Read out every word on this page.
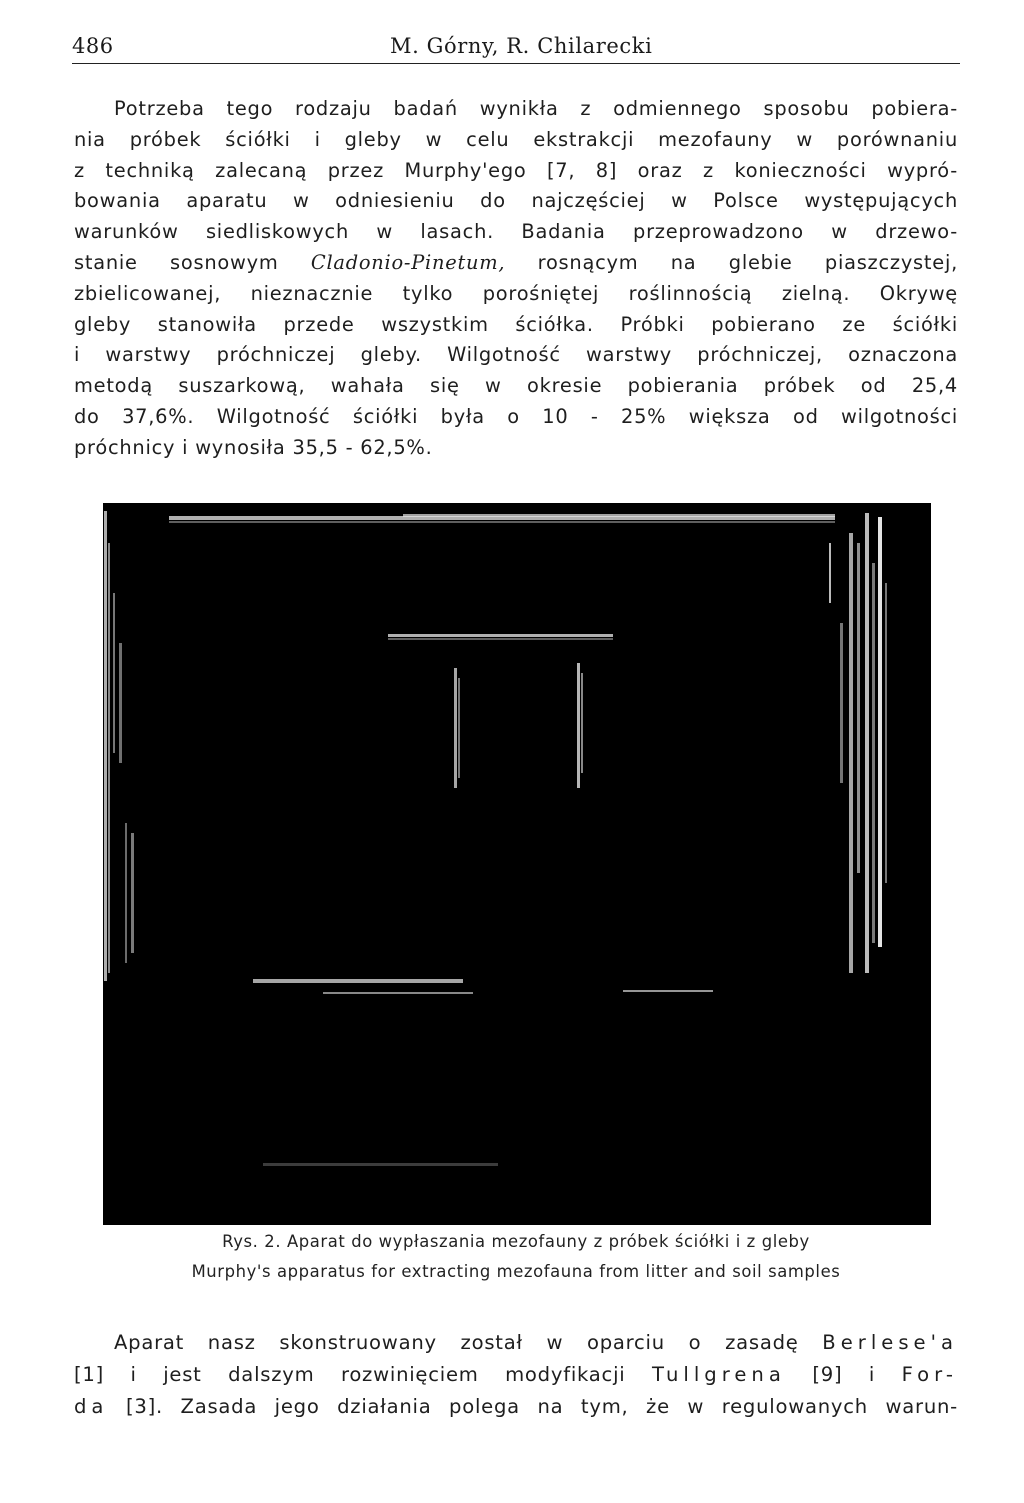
486	M. Górny, R. Chilarecki
Potrzeba tego rodzaju badań wynikła z odmiennego sposobu pobiera-
nia próbek ściółki i gleby w celu ekstrakcji mezofauny w porównaniu
z techniką zalecaną przez Murphy'ego [7, 8] oraz z konieczności wypró-
bowania aparatu w odniesieniu do najczęściej w Polsce występujących
warunków siedliskowych w lasach. Badania przeprowadzono w drzewo-
stanie sosnowym Cladonio-Pinetum, rosnącym na glebie piaszczystej,
zbielicowanej, nieznacznie tylko porośniętej roślinnością zielną. Okrywę
gleby stanowiła przede wszystkim ściółka. Próbki pobierano ze ściółki
i warstwy próchniczej gleby. Wilgotność warstwy próchniczej, oznaczona
metodą suszarkową, wahała się w okresie pobierania próbek od 25,4
do 37,6%. Wilgotność ściółki była o 10 - 25% większa od wilgotności
próchnicy i wynosiła 35,5 - 62,5%.
Rys. 2. Aparat do wypłaszania mezofauny z próbek ściółki i z gleby
Murphy's apparatus for extracting mezofauna from litter and soil samples
Aparat nasz skonstruowany został w oparciu o zasadę Berlese'a
[1] i jest dalszym rozwinięciem modyfikacji Tullgrena [9] i For-
da [3]. Zasada jego działania polega na tym, że w regulowanych warun-
